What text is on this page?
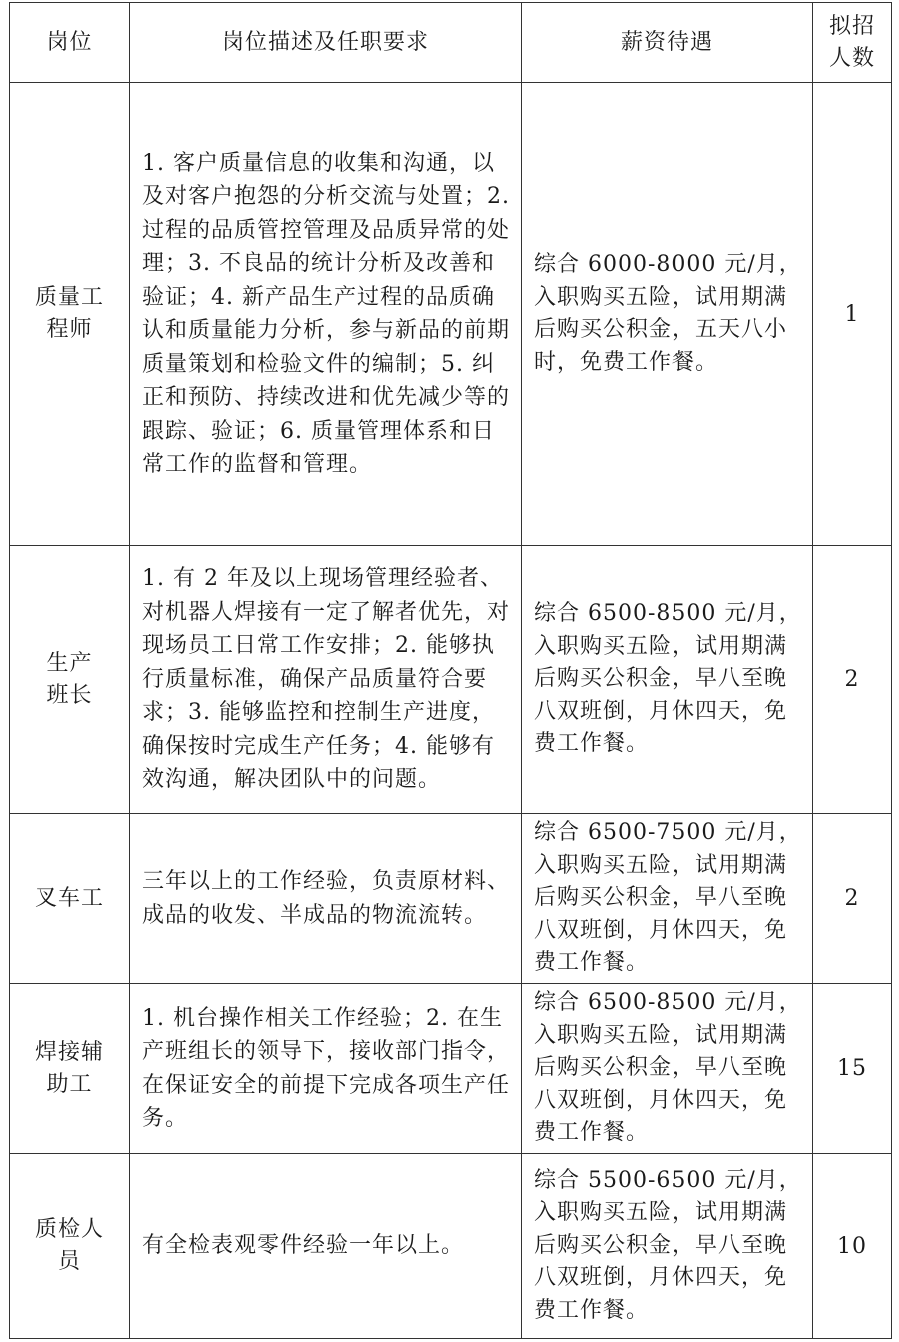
岗位	岗位描述及任职要求	薪资待遇	拟招人数
质量工程师	1. 客户质量信息的收集和沟通，以及对客户抱怨的分析交流与处置；2. 过程的品质管控管理及品质异常的处理；3. 不良品的统计分析及改善和验证；4. 新产品生产过程的品质确认和质量能力分析，参与新品的前期质量策划和检验文件的编制；5. 纠正和预防、持续改进和优先减少等的跟踪、验证；6. 质量管理体系和日常工作的监督和管理。	综合 6000-8000 元/月，入职购买五险，试用期满后购买公积金，五天八小时，免费工作餐。	1
生产班长	1. 有 2 年及以上现场管理经验者、对机器人焊接有一定了解者优先，对现场员工日常工作安排；2. 能够执行质量标准，确保产品质量符合要求；3. 能够监控和控制生产进度，确保按时完成生产任务；4. 能够有效沟通，解决团队中的问题。	综合 6500-8500 元/月，入职购买五险，试用期满后购买公积金，早八至晚八双班倒，月休四天，免费工作餐。	2
叉车工	三年以上的工作经验，负责原材料、成品的收发、半成品的物流流转。	综合 6500-7500 元/月，入职购买五险，试用期满后购买公积金，早八至晚八双班倒，月休四天，免费工作餐。	2
焊接辅助工	1. 机台操作相关工作经验；2. 在生产班组长的领导下，接收部门指令，在保证安全的前提下完成各项生产任务。	综合 6500-8500 元/月，入职购买五险，试用期满后购买公积金，早八至晚八双班倒，月休四天，免费工作餐。	15
质检人员	有全检表观零件经验一年以上。	综合 5500-6500 元/月，入职购买五险，试用期满后购买公积金，早八至晚八双班倒，月休四天，免费工作餐。	10
